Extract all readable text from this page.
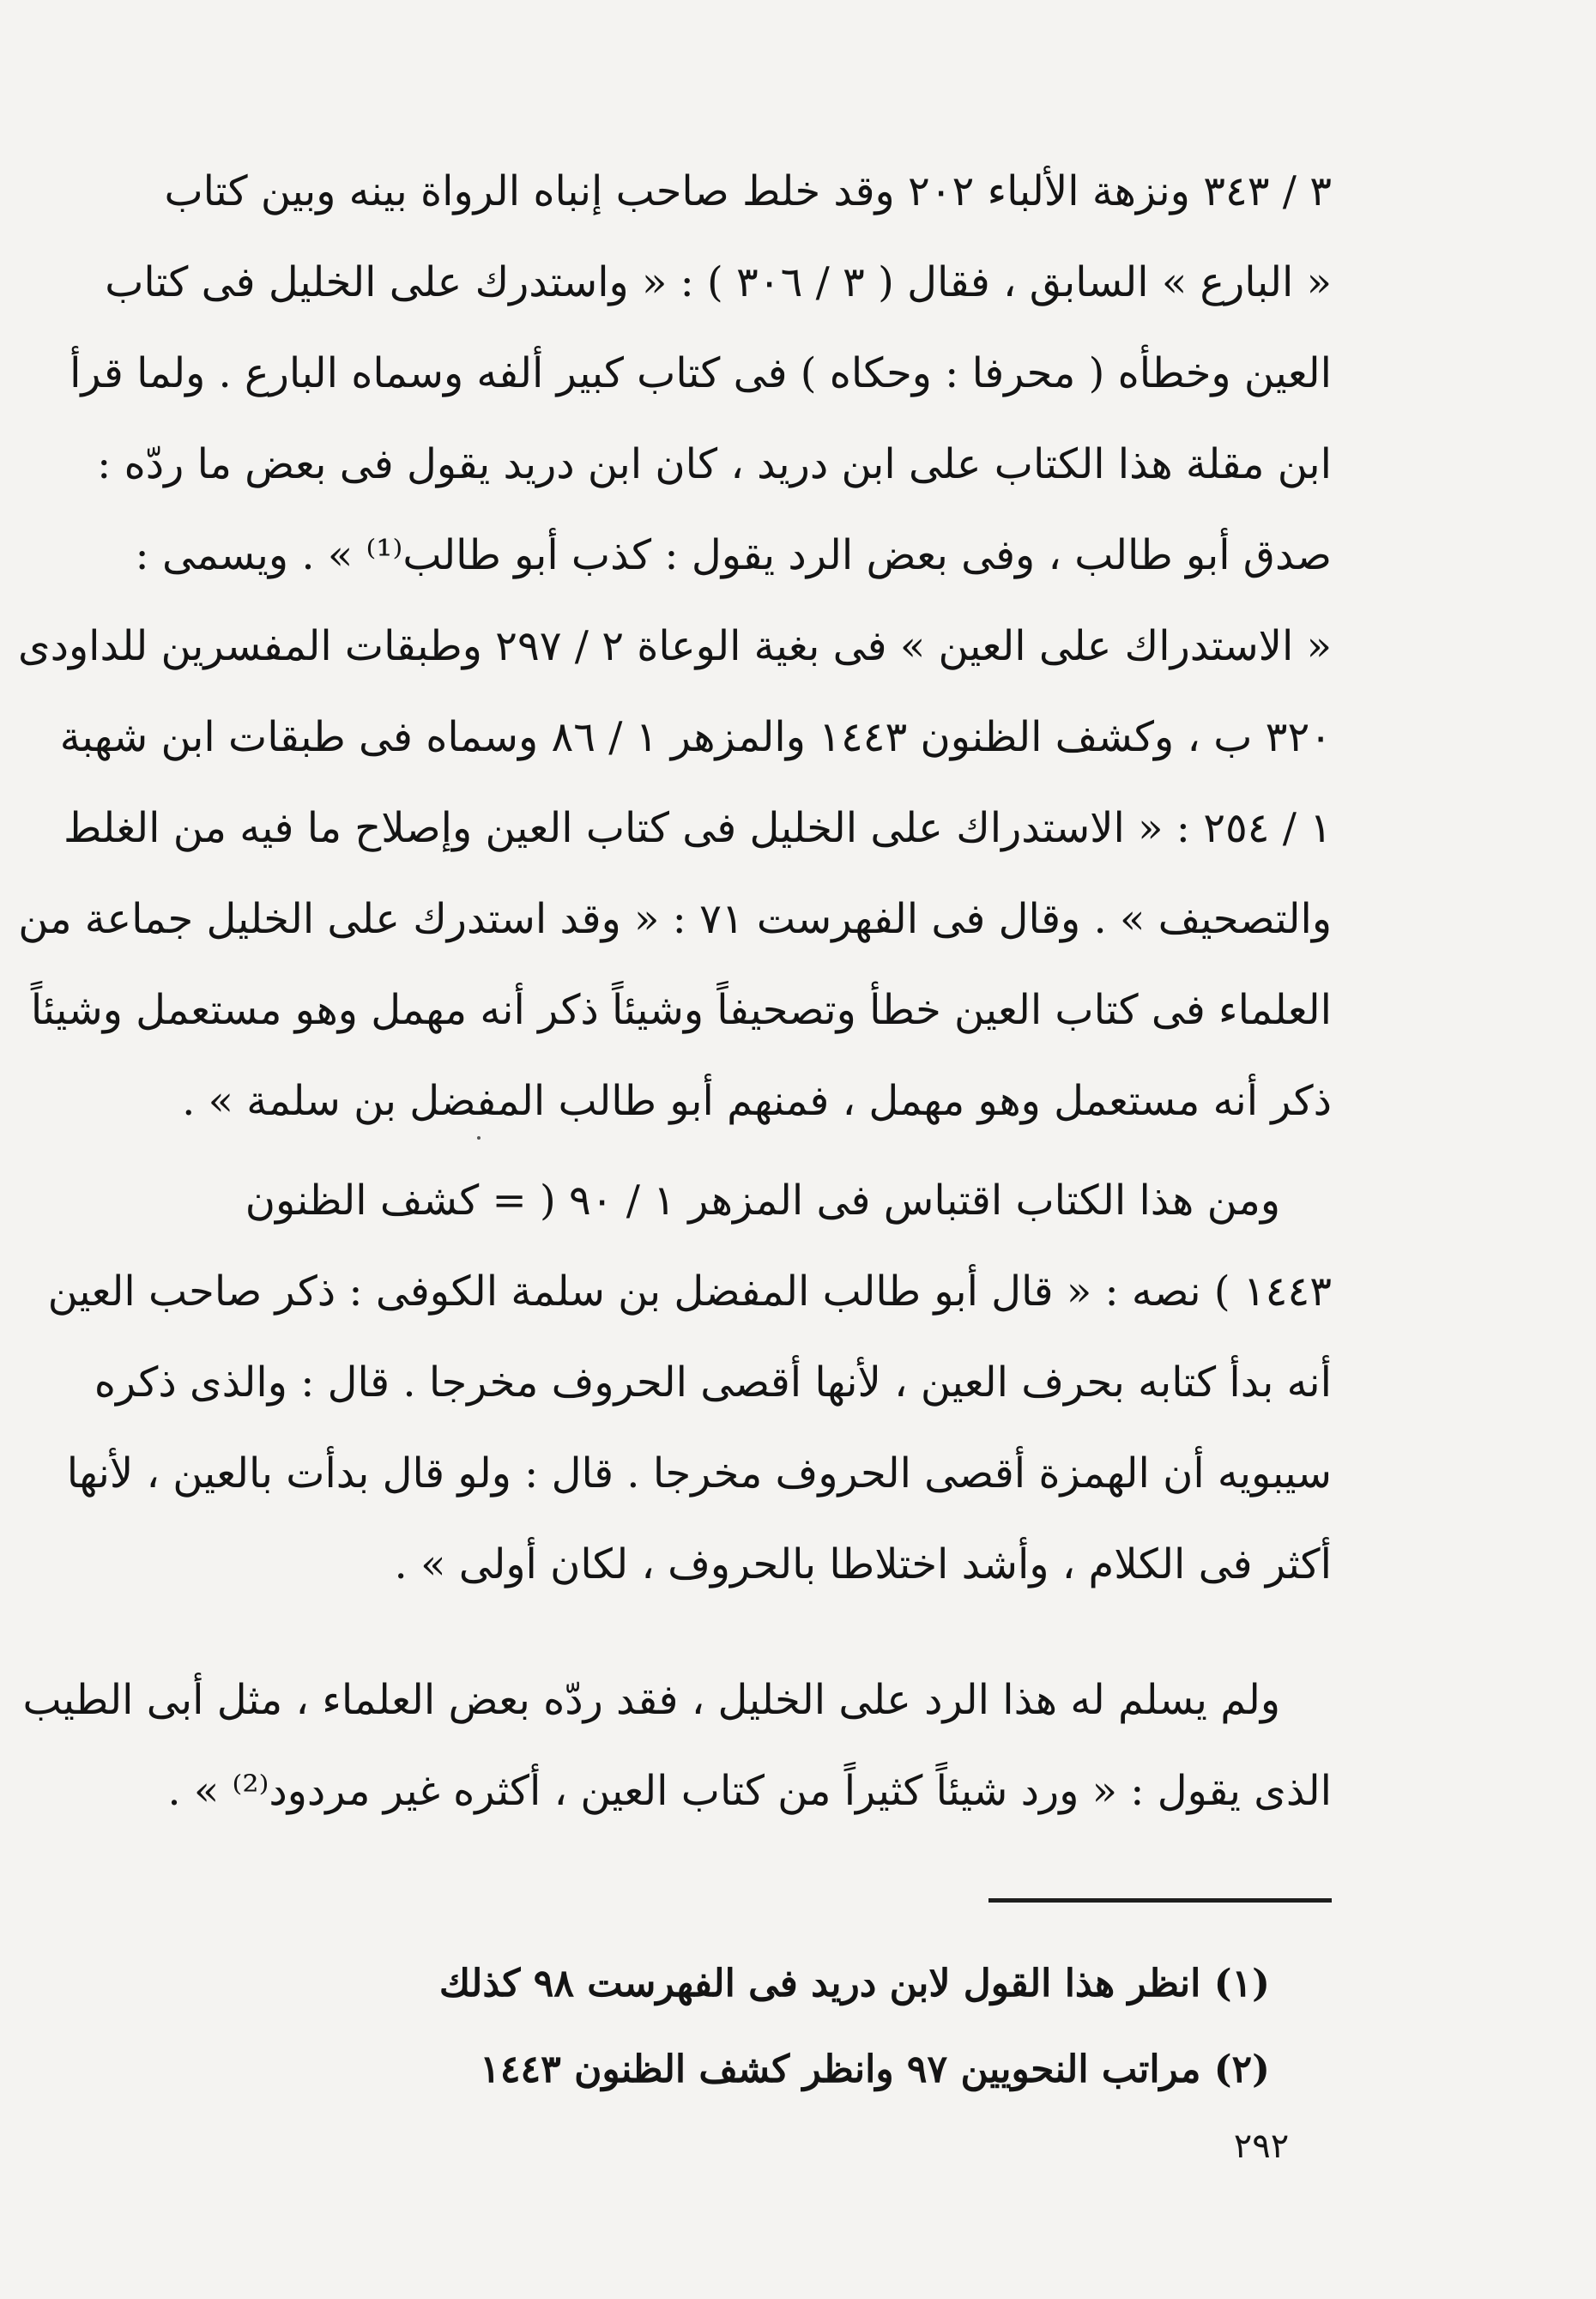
٣ / ٣٤٣ ونزهة الألباء ٢٠٢ وقد خلط صاحب إنباه الرواة بينه وبين كتاب
« البارع » السابق ، فقال ( ٣ / ٣٠٦ ) : « واستدرك على الخليل فى كتاب
العين وخطأه ( محرفا : وحكاه ) فى كتاب كبير ألفه وسماه البارع . ولما قرأ
ابن مقلة هذا الكتاب على ابن دريد ، كان ابن دريد يقول فى بعض ما ردّه :
صدق أبو طالب ، وفى بعض الرد يقول : كذب أبو طالب⁽¹⁾ » . ويسمى :
« الاستدراك على العين » فى بغية الوعاة ٢ / ٢٩٧ وطبقات المفسرين للداودى
٣٢٠ ب ، وكشف الظنون ١٤٤٣ والمزهر ١ / ٨٦ وسماه فى طبقات ابن شهبة
١ / ٢٥٤ : « الاستدراك على الخليل فى كتاب العين وإصلاح ما فيه من الغلط
والتصحيف » . وقال فى الفهرست ٧١ : « وقد استدرك على الخليل جماعة من
العلماء فى كتاب العين خطأ وتصحيفاً وشيئاً ذكر أنه مهمل وهو مستعمل وشيئاً
ذكر أنه مستعمل وهو مهمل ، فمنهم أبو طالب المفضل بن سلمة » .
ومن هذا الكتاب اقتباس فى المزهر ١ / ٩٠ ( = كشف الظنون
١٤٤٣ ) نصه : « قال أبو طالب المفضل بن سلمة الكوفى : ذكر صاحب العين
أنه بدأ كتابه بحرف العين ، لأنها أقصى الحروف مخرجا . قال : والذى ذكره
سيبويه أن الهمزة أقصى الحروف مخرجا . قال : ولو قال بدأت بالعين ، لأنها
أكثر فى الكلام ، وأشد اختلاطا بالحروف ، لكان أولى » .
ولم يسلم له هذا الرد على الخليل ، فقد ردّه بعض العلماء ، مثل أبى الطيب
الذى يقول : « ورد شيئاً كثيراً من كتاب العين ، أكثره غير مردود⁽²⁾ » .
(١) انظر هذا القول لابن دريد فى الفهرست ٩٨ كذلك
(٢) مراتب النحويين ٩٧ وانظر كشف الظنون ١٤٤٣
٢٩٢
